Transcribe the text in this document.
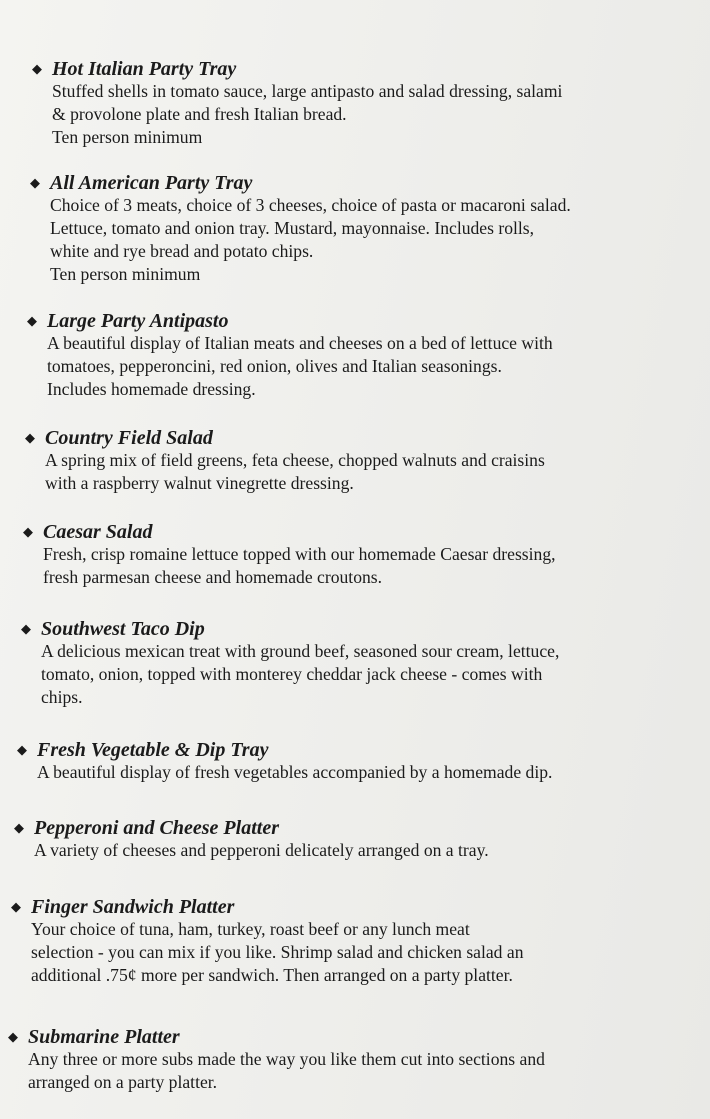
◆ Hot Italian Party Tray
Stuffed shells in tomato sauce, large antipasto and salad dressing, salami
& provolone plate and fresh Italian bread.
Ten person minimum
◆ All American Party Tray
Choice of 3 meats, choice of 3 cheeses, choice of pasta or macaroni salad.
Lettuce, tomato and onion tray. Mustard, mayonnaise. Includes rolls,
white and rye bread and potato chips.
Ten person minimum
◆ Large Party Antipasto
A beautiful display of Italian meats and cheeses on a bed of lettuce with
tomatoes, pepperoncini, red onion, olives and Italian seasonings.
Includes homemade dressing.
◆ Country Field Salad
A spring mix of field greens, feta cheese, chopped walnuts and craisins
with a raspberry walnut vinegrette dressing.
◆ Caesar Salad
Fresh, crisp romaine lettuce topped with our homemade Caesar dressing,
fresh parmesan cheese and homemade croutons.
◆ Southwest Taco Dip
A delicious mexican treat with ground beef, seasoned sour cream, lettuce,
tomato, onion, topped with monterey cheddar jack cheese - comes with
chips.
◆ Fresh Vegetable & Dip Tray
A beautiful display of fresh vegetables accompanied by a homemade dip.
◆ Pepperoni and Cheese Platter
A variety of cheeses and pepperoni delicately arranged on a tray.
◆ Finger Sandwich Platter
Your choice of tuna, ham, turkey, roast beef or any lunch meat
selection - you can mix if you like. Shrimp salad and chicken salad an
additional .75¢ more per sandwich. Then arranged on a party platter.
◆ Submarine Platter
Any three or more subs made the way you like them cut into sections and
arranged on a party platter.
